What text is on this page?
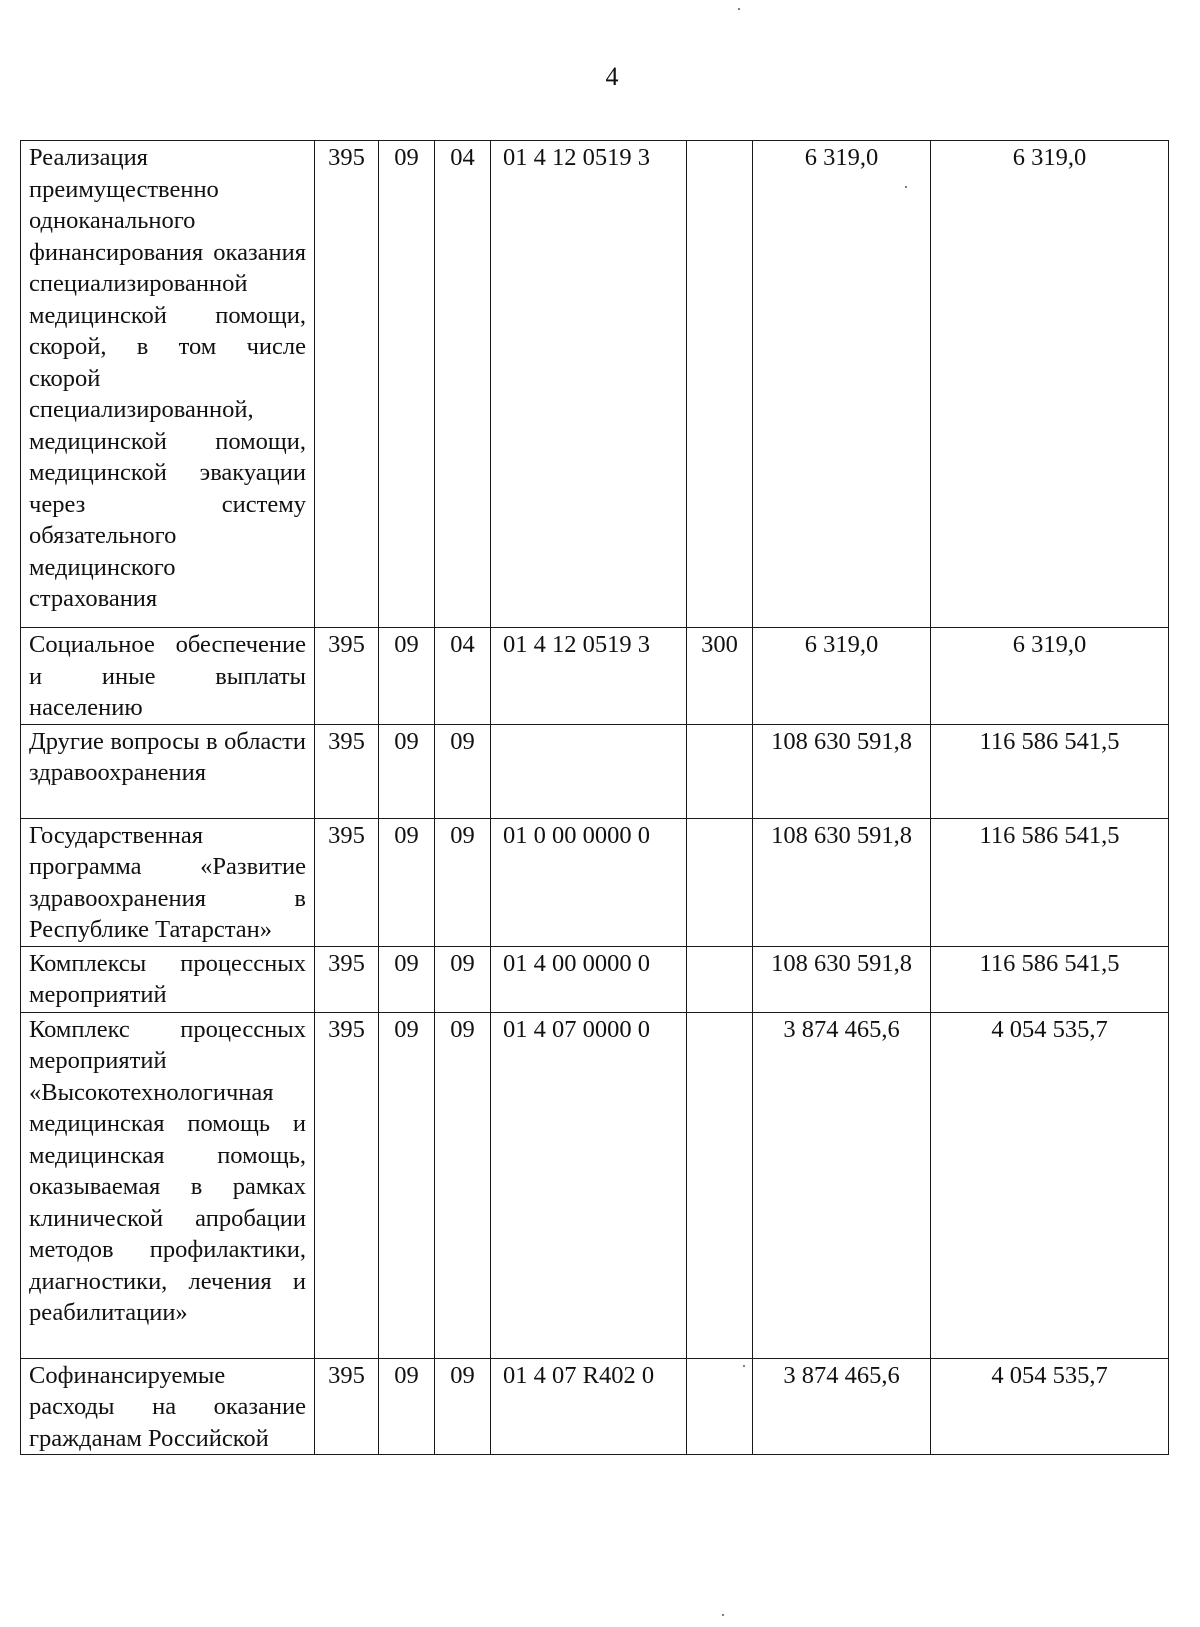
4
Реализация преимущественно одноканального финансирования оказания специализированной медицинской помощи, скорой, в том числе скорой специализированной, медицинской помощи, медицинской эвакуации через систему обязательного медицинского страхования	395	09	04	01 4 12 0519 3		6 319,0	6 319,0
Социальное обеспечение и иные выплаты населению	395	09	04	01 4 12 0519 3	300	6 319,0	6 319,0
Другие вопросы в области здравоохранения	395	09	09			108 630 591,8	116 586 541,5
Государственная программа «Развитие здравоохранения в Республике Татарстан»	395	09	09	01 0 00 0000 0		108 630 591,8	116 586 541,5
Комплексы процессных мероприятий	395	09	09	01 4 00 0000 0		108 630 591,8	116 586 541,5
Комплекс процессных мероприятий «Высокотехнологичная медицинская помощь и медицинская помощь, оказываемая в рамках клинической апробации методов профилактики, диагностики, лечения и реабилитации»	395	09	09	01 4 07 0000 0		3 874 465,6	4 054 535,7
Софинансируемые расходы на оказание гражданам Российской	395	09	09	01 4 07 R402 0		3 874 465,6	4 054 535,7
